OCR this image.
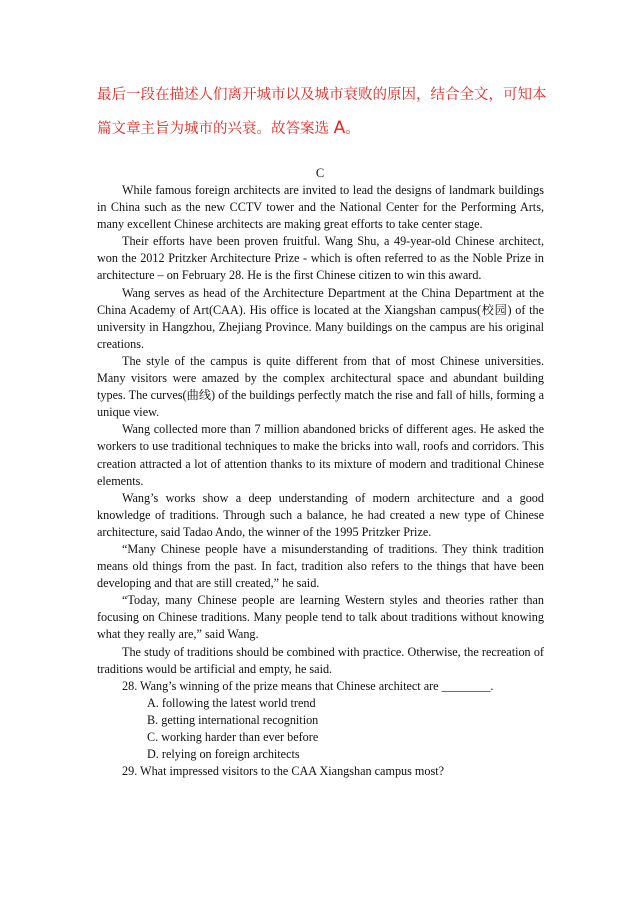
最后一段在描述人们离开城市以及城市衰败的原因，结合全文，可知本
篇文章主旨为城市的兴衰。故答案选 A。
C

While famous foreign architects are invited to lead the designs of landmark buildings in China such as the new CCTV tower and the National Center for the Performing Arts, many excellent Chinese architects are making great efforts to take center stage.

Their efforts have been proven fruitful. Wang Shu, a 49-year-old Chinese architect, won the 2012 Pritzker Architecture Prize - which is often referred to as the Noble Prize in architecture – on February 28. He is the first Chinese citizen to win this award.

Wang serves as head of the Architecture Department at the China Department at the China Academy of Art(CAA). His office is located at the Xiangshan campus(校园) of the university in Hangzhou, Zhejiang Province. Many buildings on the campus are his original creations.

The style of the campus is quite different from that of most Chinese universities. Many visitors were amazed by the complex architectural space and abundant building types. The curves(曲线) of the buildings perfectly match the rise and fall of hills, forming a unique view.

Wang collected more than 7 million abandoned bricks of different ages. He asked the workers to use traditional techniques to make the bricks into wall, roofs and corridors. This creation attracted a lot of attention thanks to its mixture of modern and traditional Chinese elements.

Wang’s works show a deep understanding of modern architecture and a good knowledge of traditions. Through such a balance, he had created a new type of Chinese architecture, said Tadao Ando, the winner of the 1995 Pritzker Prize.

“Many Chinese people have a misunderstanding of traditions. They think tradition means old things from the past. In fact, tradition also refers to the things that have been developing and that are still created,” he said.

“Today, many Chinese people are learning Western styles and theories rather than focusing on Chinese traditions. Many people tend to talk about traditions without knowing what they really are,” said Wang.

The study of traditions should be combined with practice. Otherwise, the recreation of traditions would be artificial and empty, he said.

28. Wang’s winning of the prize means that Chinese architect are ________.

A. following the latest world trend

B. getting international recognition

C. working harder than ever before

D. relying on foreign architects

29. What impressed visitors to the CAA Xiangshan campus most?
